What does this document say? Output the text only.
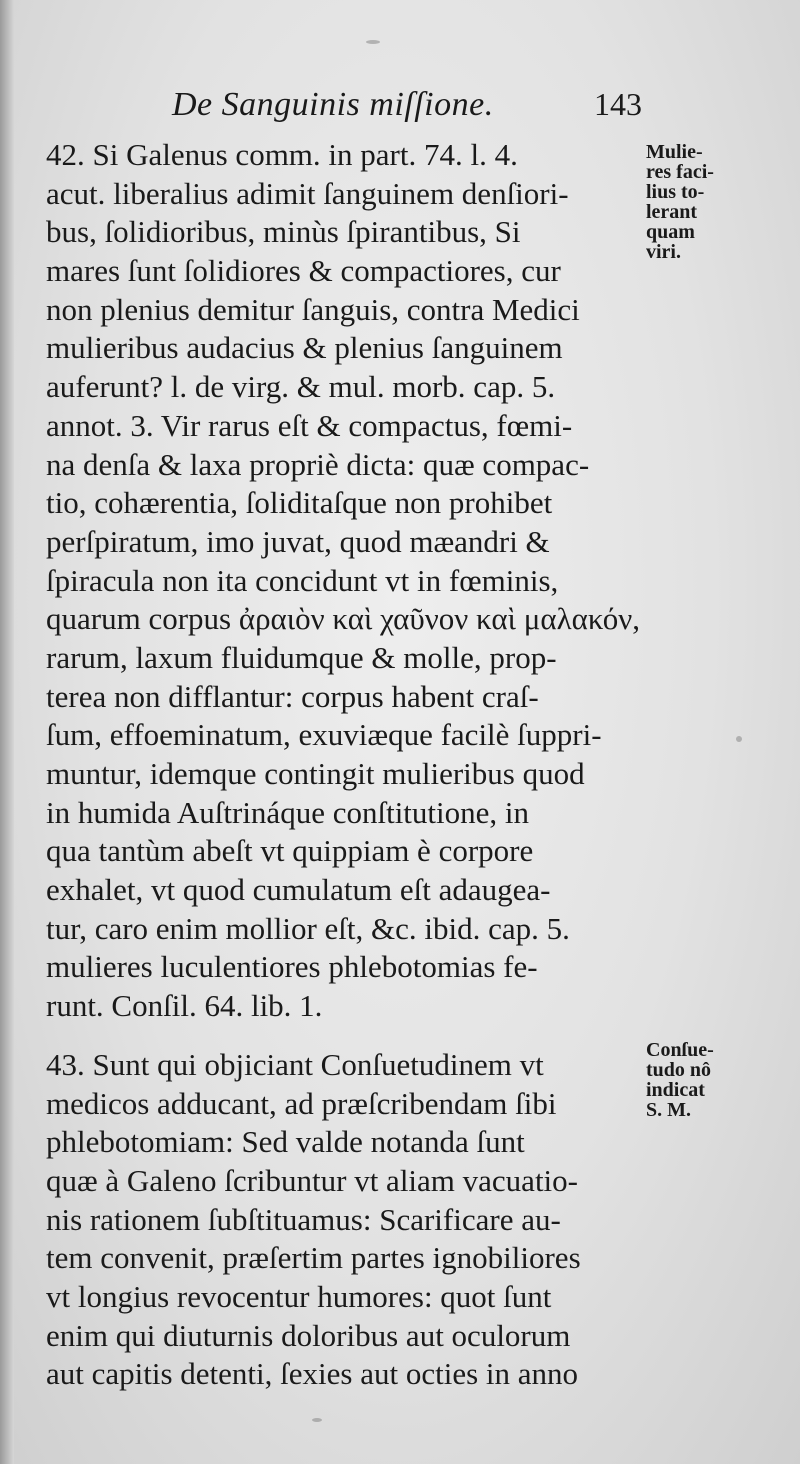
De Sanguinis miſſione.	143
42. Si Galenus comm. in part. 74. l. 4.
acut. liberalius adimit ſanguinem denſiori-
bus, ſolidioribus, minùs ſpirantibus, Si
mares ſunt ſolidiores & compactiores, cur
non plenius demitur ſanguis, contra Medici
mulieribus audacius & plenius ſanguinem
auferunt? l. de virg. & mul. morb. cap. 5.
annot. 3. Vir rarus eſt & compactus, fœmi-
na denſa & laxa propriè dicta: quæ compac-
tio, cohærentia, ſoliditaſque non prohibet
perſpiratum, imo juvat, quod mæandri &
ſpiracula non ita concidunt vt in fœminis,
quarum corpus ἀραιὸν καὶ χαῦνον καὶ μαλακόν,
rarum, laxum fluidumque & molle, prop-
terea non difflantur: corpus habent craſ-
ſum, effoeminatum, exuviæque facilè ſuppri-
muntur, idemque contingit mulieribus quod
in humida Auſtrináque conſtitutione, in
qua tantùm abeſt vt quippiam è corpore
exhalet, vt quod cumulatum eſt adaugea-
tur, caro enim mollior eſt, &c. ibid. cap. 5.
mulieres luculentiores phlebotomias fe-
runt. Conſil. 64. lib. 1.
43. Sunt qui objiciant Conſuetudinem vt
medicos adducant, ad præſcribendam ſibi
phlebotomiam: Sed valde notanda ſunt
quæ à Galeno ſcribuntur vt aliam vacuatio-
nis rationem ſubſtituamus: Scarificare au-
tem convenit, præſertim partes ignobiliores
vt longius revocentur humores: quot ſunt
enim qui diuturnis doloribus aut oculorum
aut capitis detenti, ſexies aut octies in anno
Mulie-
res faci-
lius to-
lerant
quam
viri.
Conſue-
tudo nô
indicat
S. M.
